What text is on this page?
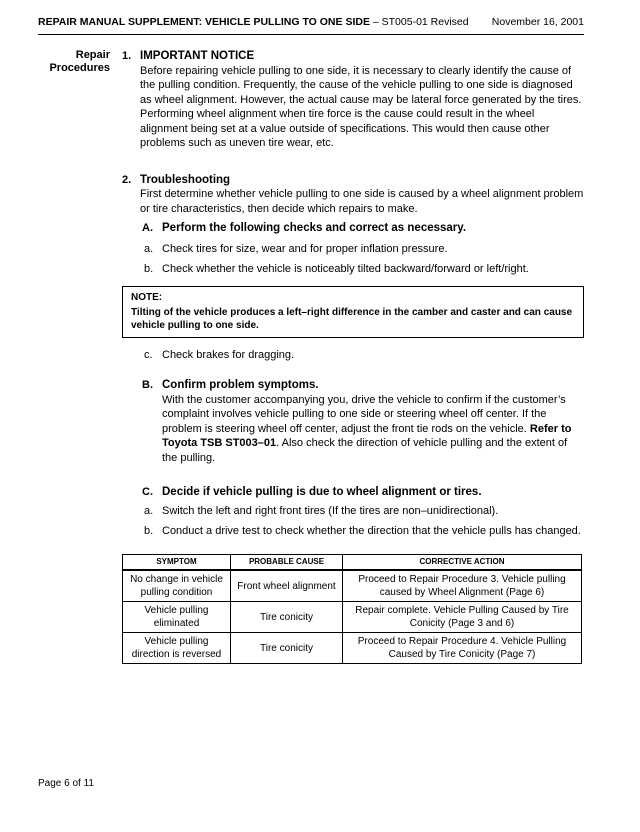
REPAIR MANUAL SUPPLEMENT: VEHICLE PULLING TO ONE SIDE – ST005-01 Revised November 16, 2001
Repair
Procedures
1. IMPORTANT NOTICE
Before repairing vehicle pulling to one side, it is necessary to clearly identify the cause of the pulling condition. Frequently, the cause of the vehicle pulling to one side is diagnosed as wheel alignment. However, the actual cause may be lateral force generated by the tires. Performing wheel alignment when tire force is the cause could result in the wheel alignment being set at a value outside of specifications. This would then cause other problems such as uneven tire wear, etc.
2. Troubleshooting
First determine whether vehicle pulling to one side is caused by a wheel alignment problem or tire characteristics, then decide which repairs to make.
A. Perform the following checks and correct as necessary.
a. Check tires for size, wear and for proper inflation pressure.
b. Check whether the vehicle is noticeably tilted backward/forward or left/right.
NOTE:
Tilting of the vehicle produces a left–right difference in the camber and caster and can cause vehicle pulling to one side.
c. Check brakes for dragging.
B. Confirm problem symptoms.
With the customer accompanying you, drive the vehicle to confirm if the customer’s complaint involves vehicle pulling to one side or steering wheel off center. If the problem is steering wheel off center, adjust the front tie rods on the vehicle. Refer to Toyota TSB ST003–01. Also check the direction of vehicle pulling and the extent of the pulling.
C. Decide if vehicle pulling is due to wheel alignment or tires.
a. Switch the left and right front tires (If the tires are non–unidirectional).
b. Conduct a drive test to check whether the direction that the vehicle pulls has changed.
SYMPTOM	PROBABLE CAUSE	CORRECTIVE ACTION
No change in vehicle pulling condition	Front wheel alignment	Proceed to Repair Procedure 3. Vehicle pulling caused by Wheel Alignment (Page 6)
Vehicle pulling eliminated	Tire conicity	Repair complete. Vehicle Pulling Caused by Tire Conicity (Page 3 and 6)
Vehicle pulling direction is reversed	Tire conicity	Proceed to Repair Procedure 4. Vehicle Pulling Caused by Tire Conicity (Page 7)
Page 6 of 11
